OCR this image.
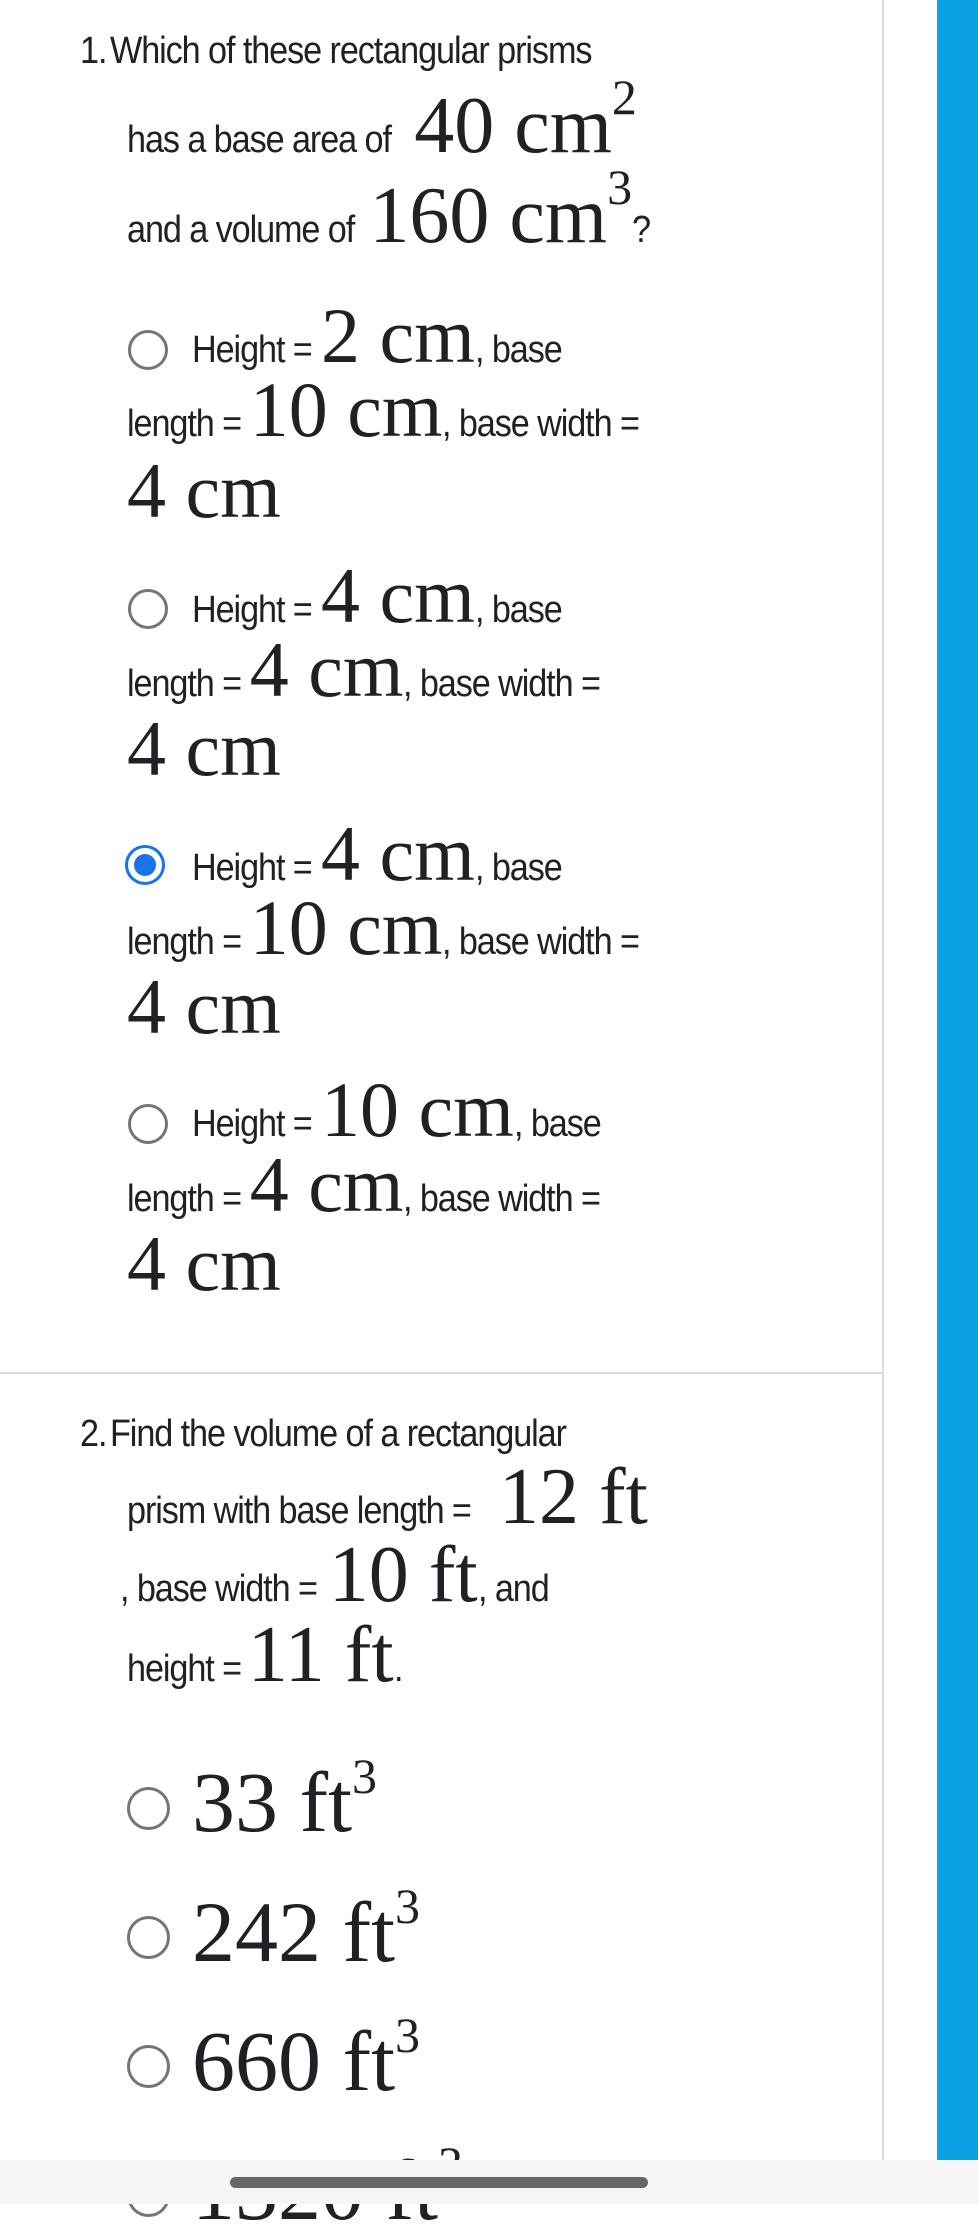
1. Which of these rectangular prisms
has a base area of 40 $cm^2$
and a volume of 160 $cm^3$?
Height = 2 cm, base
length = 10 cm, base width =
4 cm
Height = 4 cm, base
length = 4 cm, base width =
4 cm
Height = 4 cm, base
length = 10 cm, base width =
4 cm
Height = 10 cm, base
length = 4 cm, base width =
4 cm
2. Find the volume of a rectangular
prism with base length = 12 ft
, base width = 10 ft, and
height =11 ft.
33 $ft^3$
242 $ft^3$
660 $ft^3$
